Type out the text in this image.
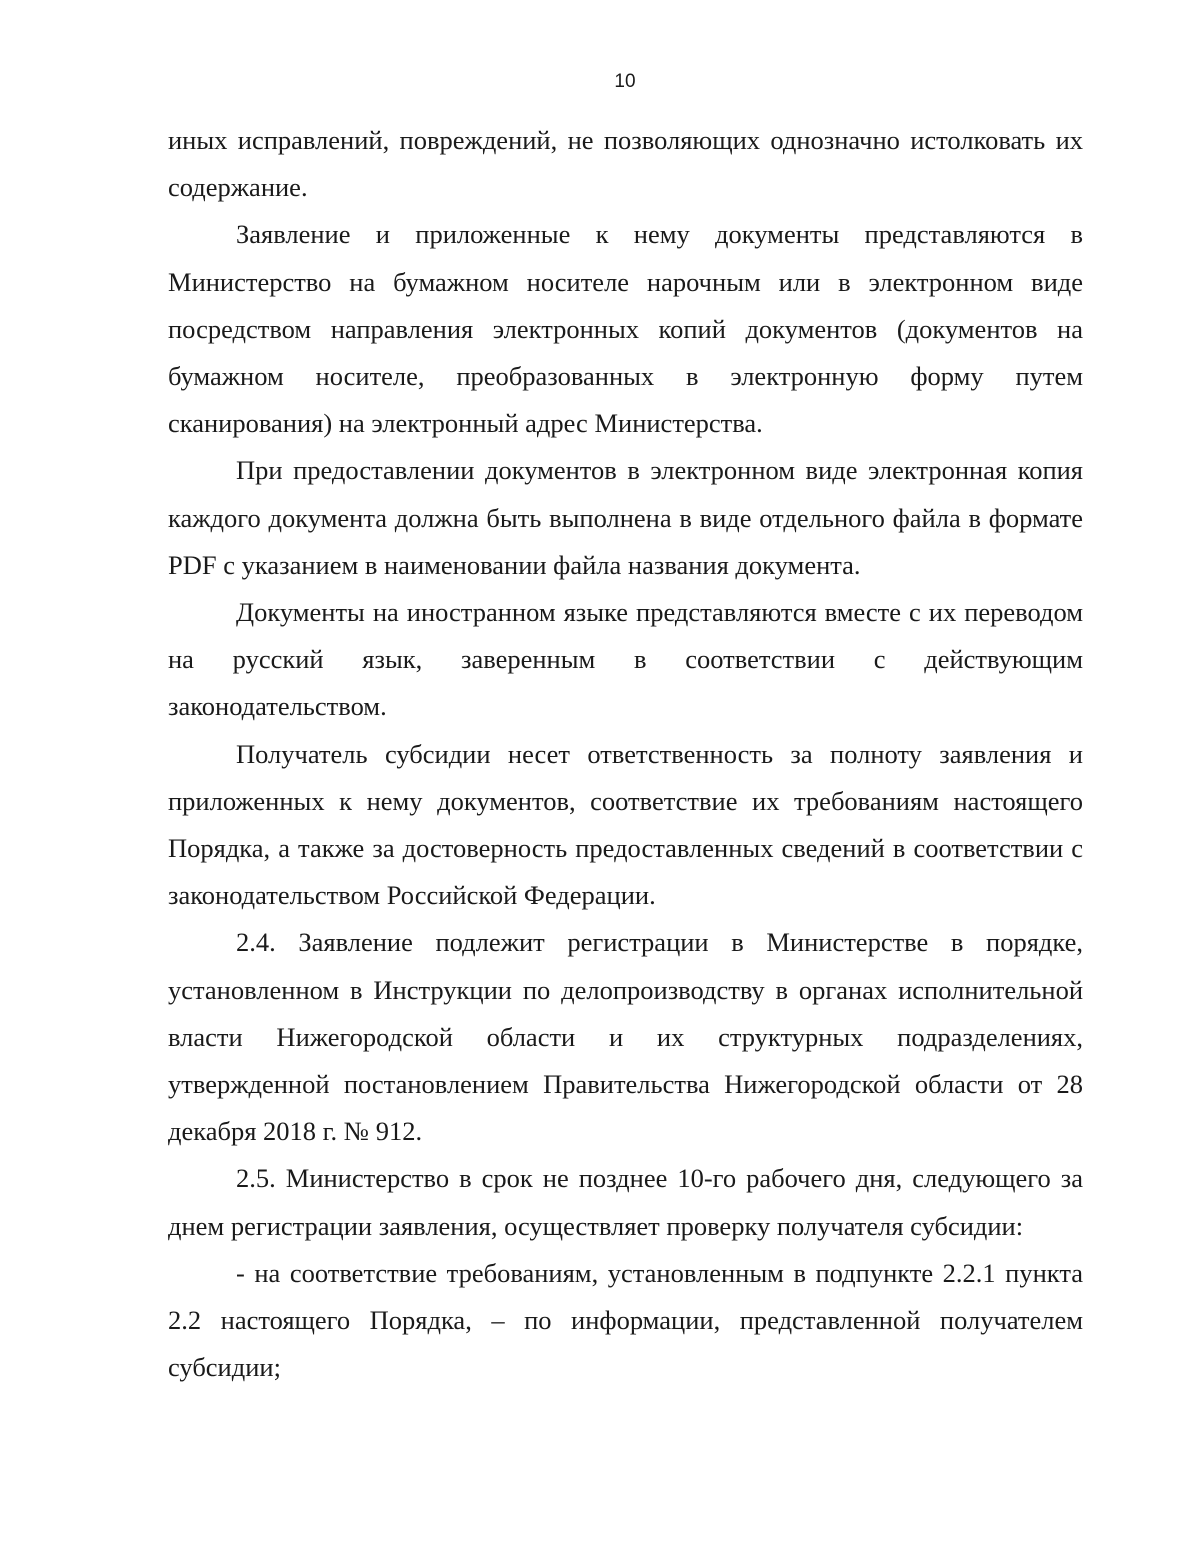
10

иных исправлений, повреждений, не позволяющих однозначно истолковать их содержание.

Заявление и приложенные к нему документы представляются в Министерство на бумажном носителе нарочным или в электронном виде посредством направления электронных копий документов (документов на бумажном носителе, преобразованных в электронную форму путем сканирования) на электронный адрес Министерства.

При предоставлении документов в электронном виде электронная копия каждого документа должна быть выполнена в виде отдельного файла в формате PDF с указанием в наименовании файла названия документа.

Документы на иностранном языке представляются вместе с их переводом на русский язык, заверенным в соответствии с действующим законодательством.

Получатель субсидии несет ответственность за полноту заявления и приложенных к нему документов, соответствие их требованиям настоящего Порядка, а также за достоверность предоставленных сведений в соответствии с законодательством Российской Федерации.

2.4. Заявление подлежит регистрации в Министерстве в порядке, установленном в Инструкции по делопроизводству в органах исполнительной власти Нижегородской области и их структурных подразделениях, утвержденной постановлением Правительства Нижегородской области от 28 декабря 2018 г. № 912.

2.5. Министерство в срок не позднее 10-го рабочего дня, следующего за днем регистрации заявления, осуществляет проверку получателя субсидии:

- на соответствие требованиям, установленным в подпункте 2.2.1 пункта 2.2 настоящего Порядка, – по информации, представленной получателем субсидии;
